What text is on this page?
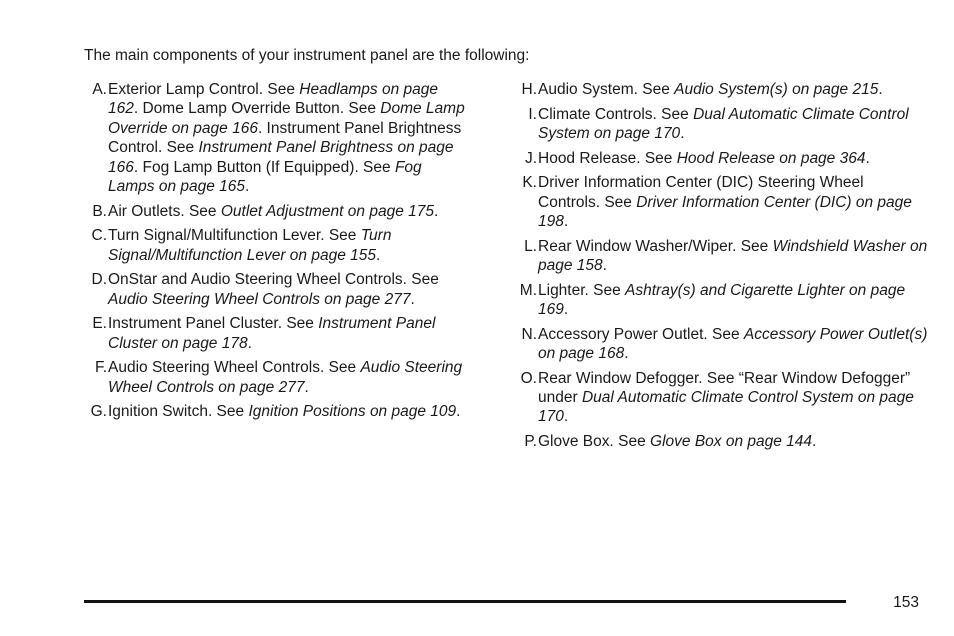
The main components of your instrument panel are the following:
A. Exterior Lamp Control. See Headlamps on page 162. Dome Lamp Override Button. See Dome Lamp Override on page 166. Instrument Panel Brightness Control. See Instrument Panel Brightness on page 166. Fog Lamp Button (If Equipped). See Fog Lamps on page 165.
B. Air Outlets. See Outlet Adjustment on page 175.
C. Turn Signal/Multifunction Lever. See Turn Signal/Multifunction Lever on page 155.
D. OnStar and Audio Steering Wheel Controls. See Audio Steering Wheel Controls on page 277.
E. Instrument Panel Cluster. See Instrument Panel Cluster on page 178.
F. Audio Steering Wheel Controls. See Audio Steering Wheel Controls on page 277.
G. Ignition Switch. See Ignition Positions on page 109.
H. Audio System. See Audio System(s) on page 215.
I. Climate Controls. See Dual Automatic Climate Control System on page 170.
J. Hood Release. See Hood Release on page 364.
K. Driver Information Center (DIC) Steering Wheel Controls. See Driver Information Center (DIC) on page 198.
L. Rear Window Washer/Wiper. See Windshield Washer on page 158.
M. Lighter. See Ashtray(s) and Cigarette Lighter on page 169.
N. Accessory Power Outlet. See Accessory Power Outlet(s) on page 168.
O. Rear Window Defogger. See “Rear Window Defogger” under Dual Automatic Climate Control System on page 170.
P. Glove Box. See Glove Box on page 144.
153
